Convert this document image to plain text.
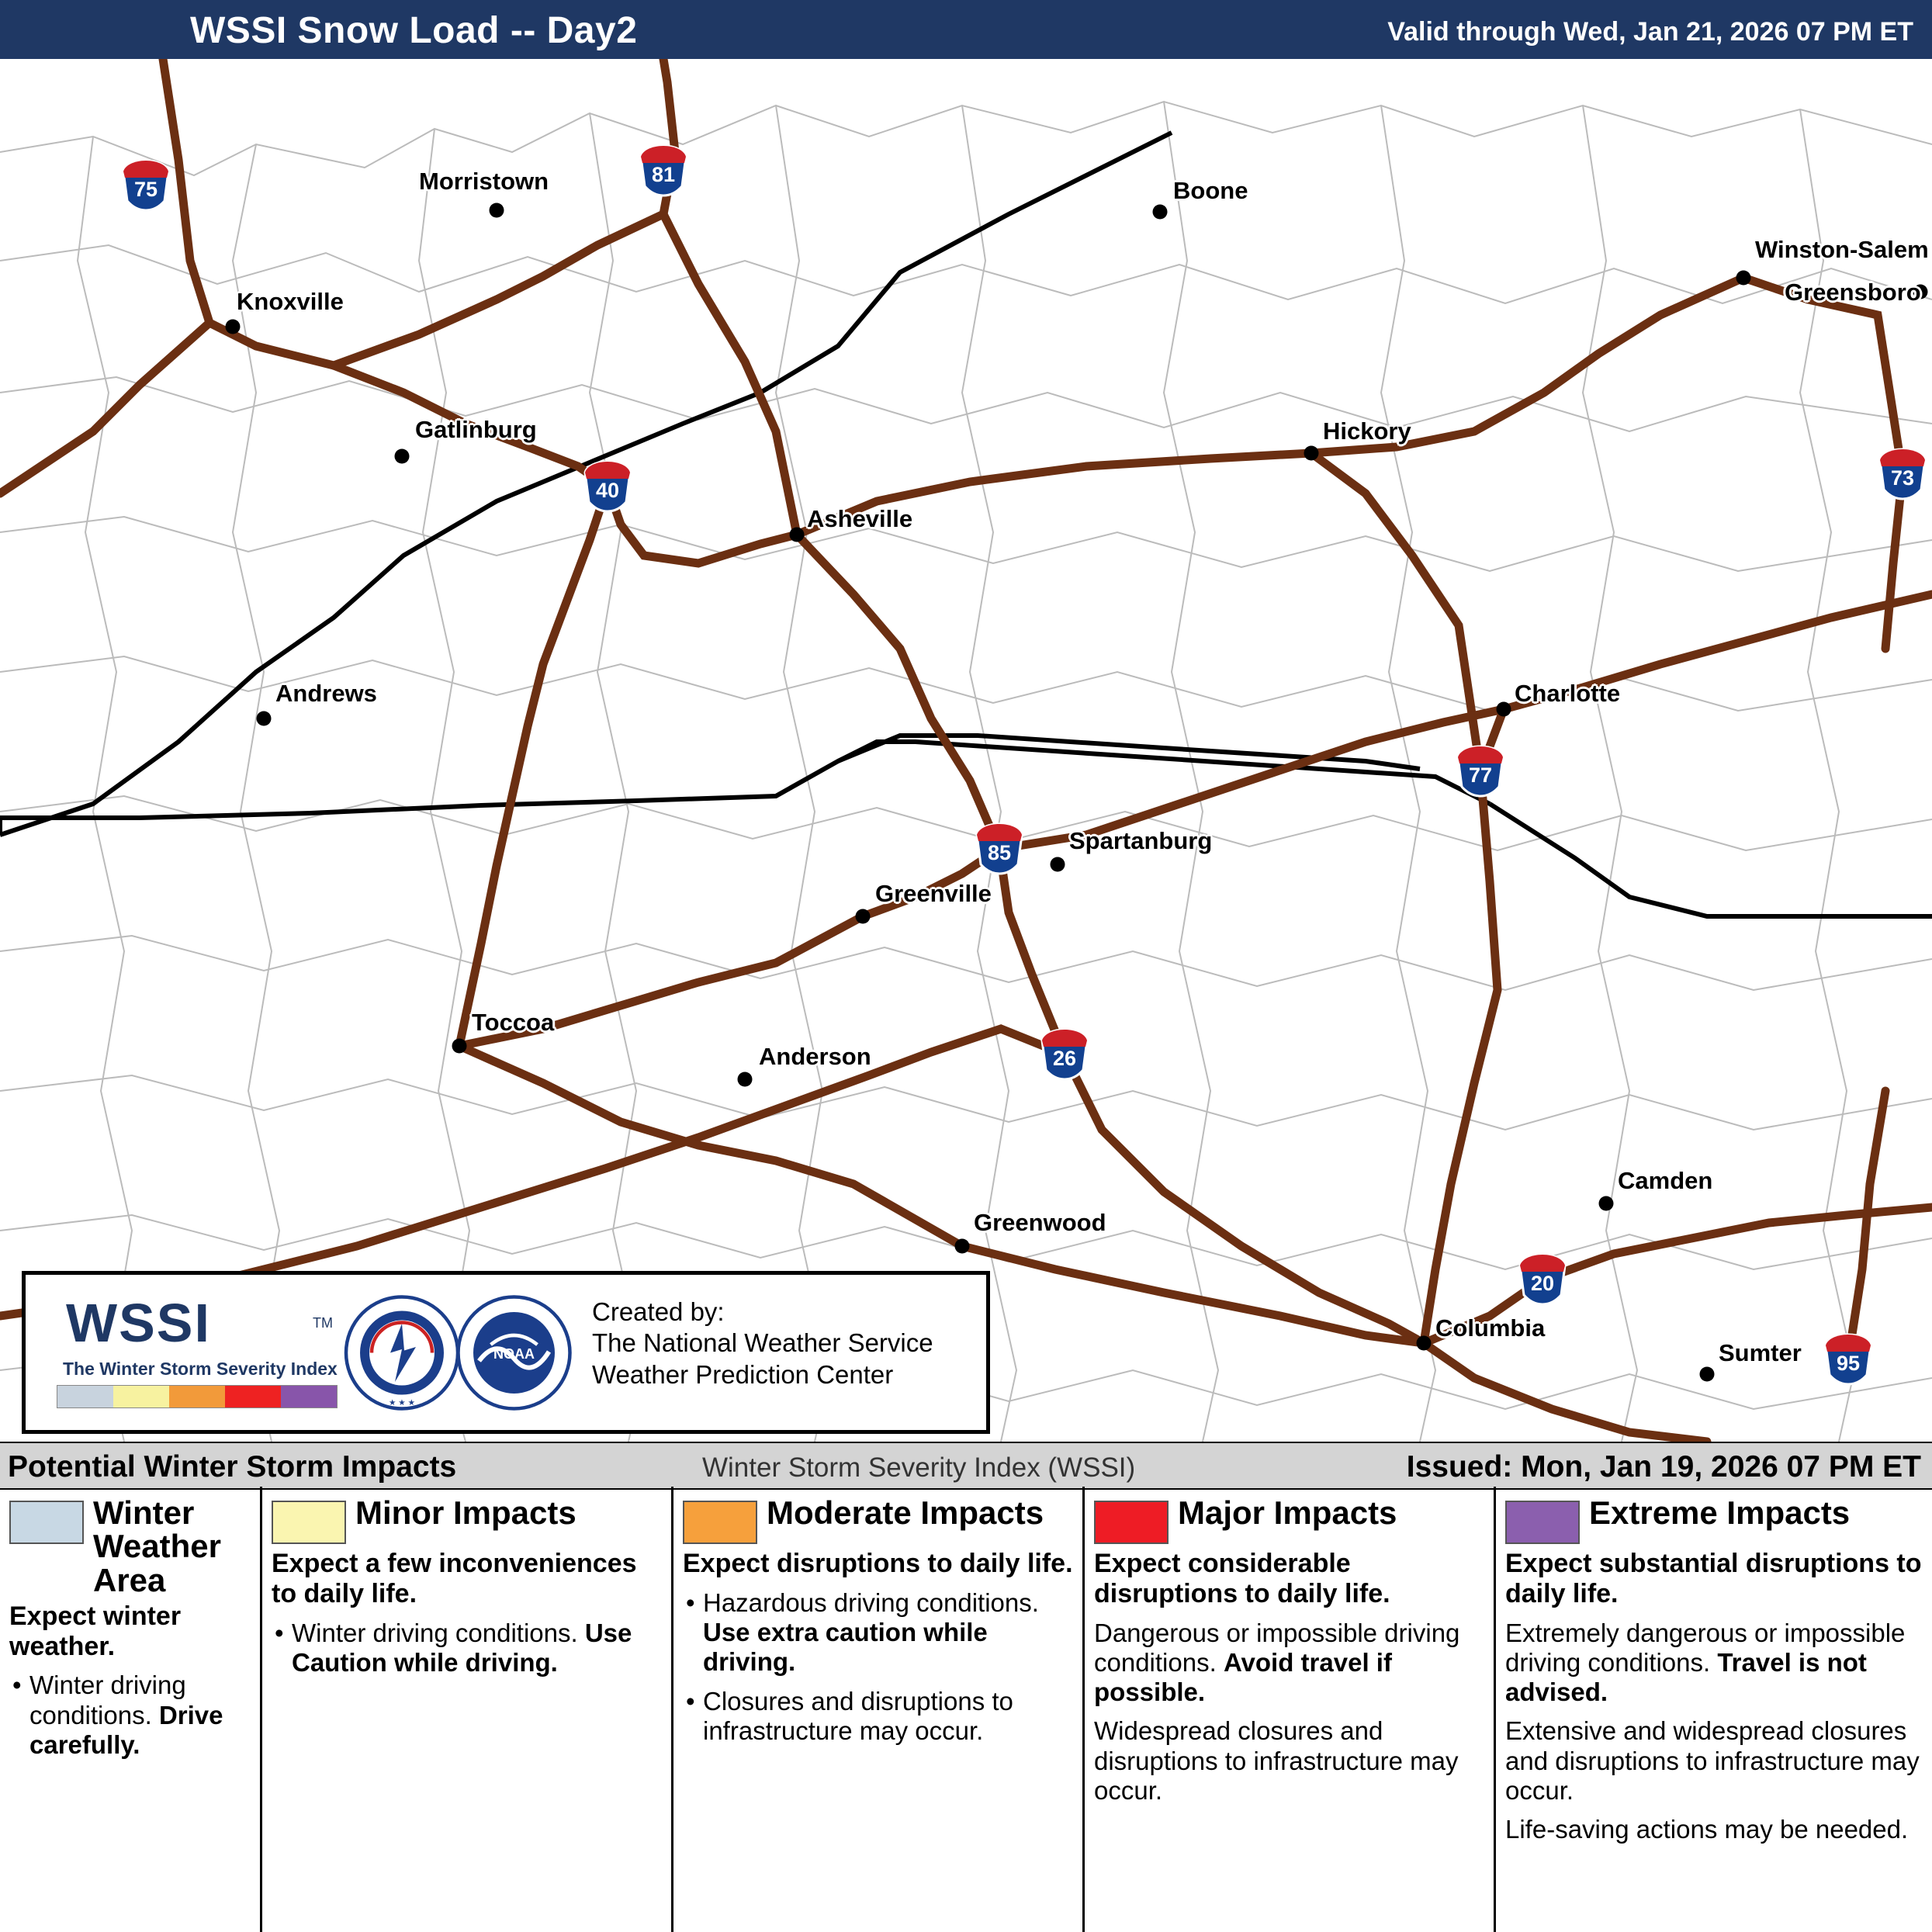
WSSI Snow Load -- Day2	Valid through Wed, Jan 21, 2026 07 PM ET
Morristown
Knoxville
Gatlinburg
Andrews
Asheville
Boone
Hickory
Winston-Salem
Greensboro
Charlotte
Spartanburg
Greenville
Toccoa
Anderson
Greenwood
Camden
Columbia
Sumter
75
81
40
73
77
85
26
20
95
WSSI	TM
The Winter Storm Severity Index
★ ★ ★
NOAA
Created by:
The National Weather Service
Weather Prediction Center
Potential Winter Storm Impacts	Winter Storm Severity Index (WSSI)	Issued: Mon, Jan 19, 2026 07 PM ET
Winter Weather Area
Expect winter weather.
• Winter driving conditions. Drive carefully.
Minor Impacts
Expect a few inconveniences to daily life.
• Winter driving conditions. Use Caution while driving.
Moderate Impacts
Expect disruptions to daily life.
• Hazardous driving conditions. Use extra caution while driving.
• Closures and disruptions to infrastructure may occur.
Major Impacts
Expect considerable disruptions to daily life.
Dangerous or impossible driving conditions. Avoid travel if possible.
Widespread closures and disruptions to infrastructure may occur.
Extreme Impacts
Expect substantial disruptions to daily life.
Extremely dangerous or impossible driving conditions. Travel is not advised.
Extensive and widespread closures and disruptions to infrastructure may occur.
Life-saving actions may be needed.
